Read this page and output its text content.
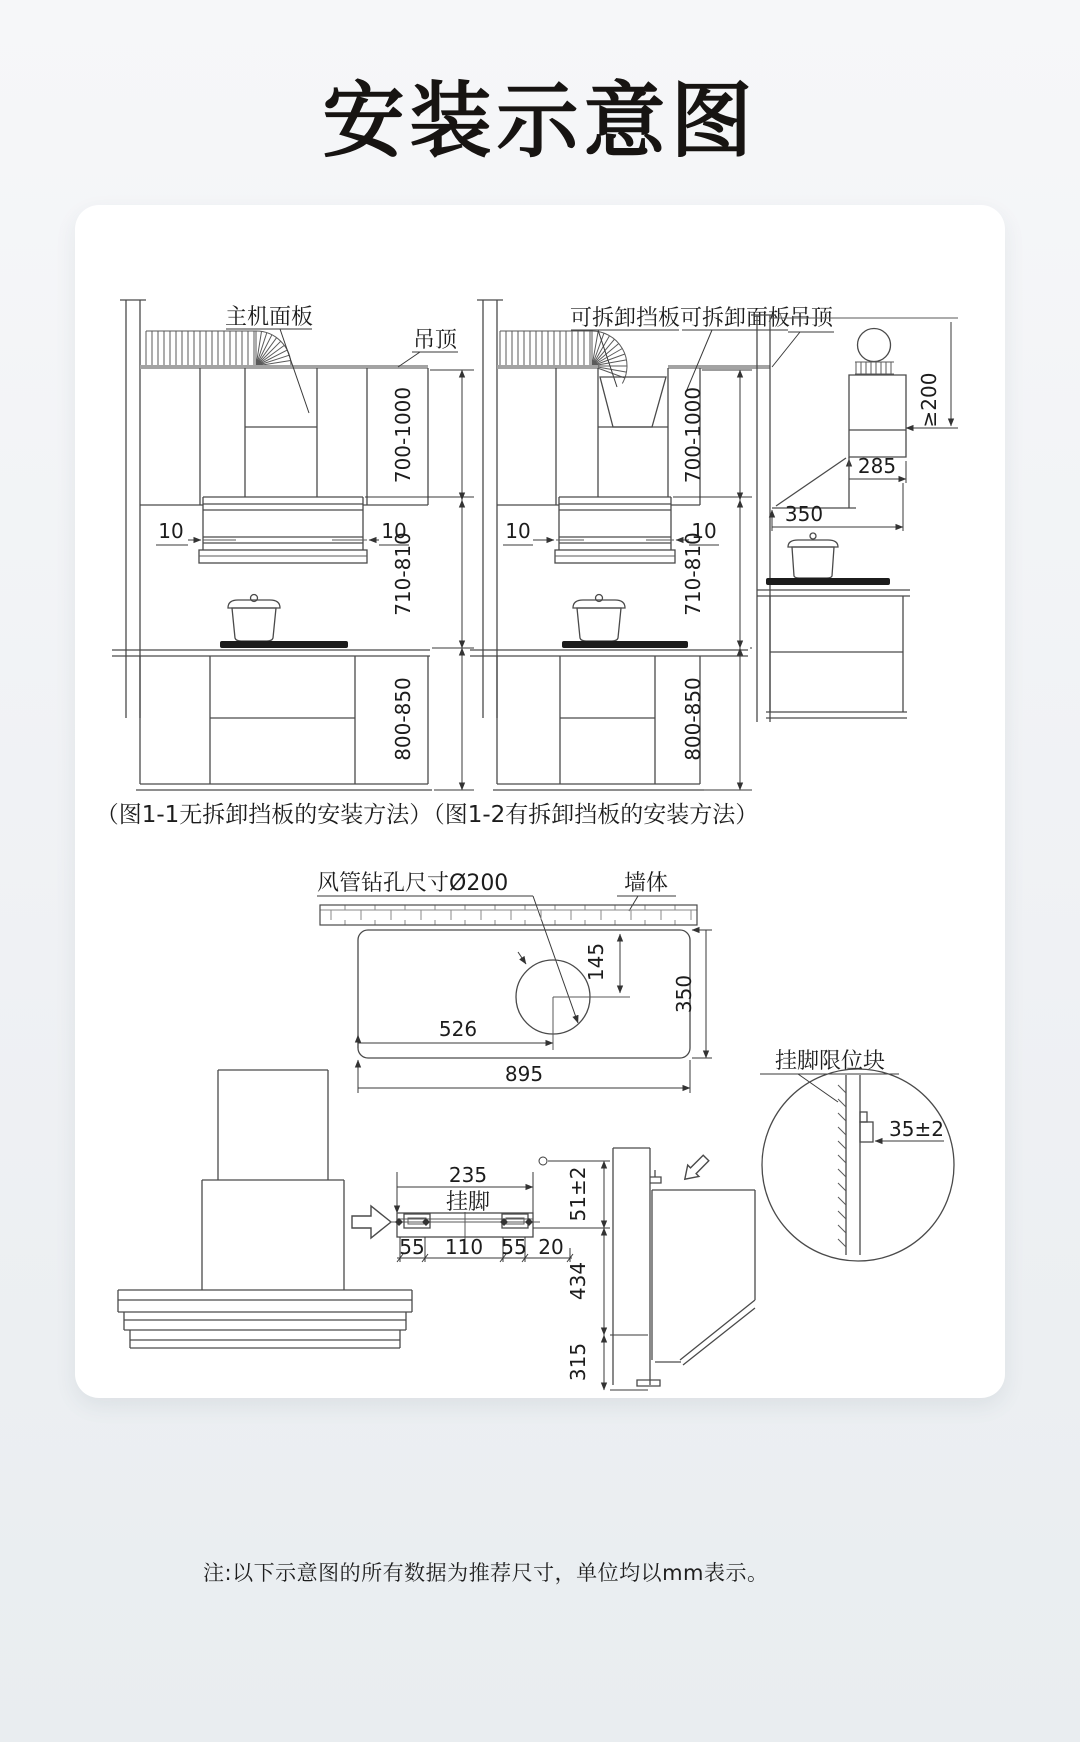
安装示意图
吊顶
主机面板
10	10
700-1000
710-810
800-850
（图1-1无拆卸挡板的安装方法）
可拆卸挡板 可拆卸面板
吊顶
10	10
700-1000
710-810
800-850
（图1-2有拆卸挡板的安装方法）
≥200
285
350
风管钻孔尺寸Ø200	墙体
145
526
895
350
235
挂脚
55 110 55 20
51±2
434
315
挂脚限位块
35±2
注:以下示意图的所有数据为推荐尺寸，单位均以mm表示。
